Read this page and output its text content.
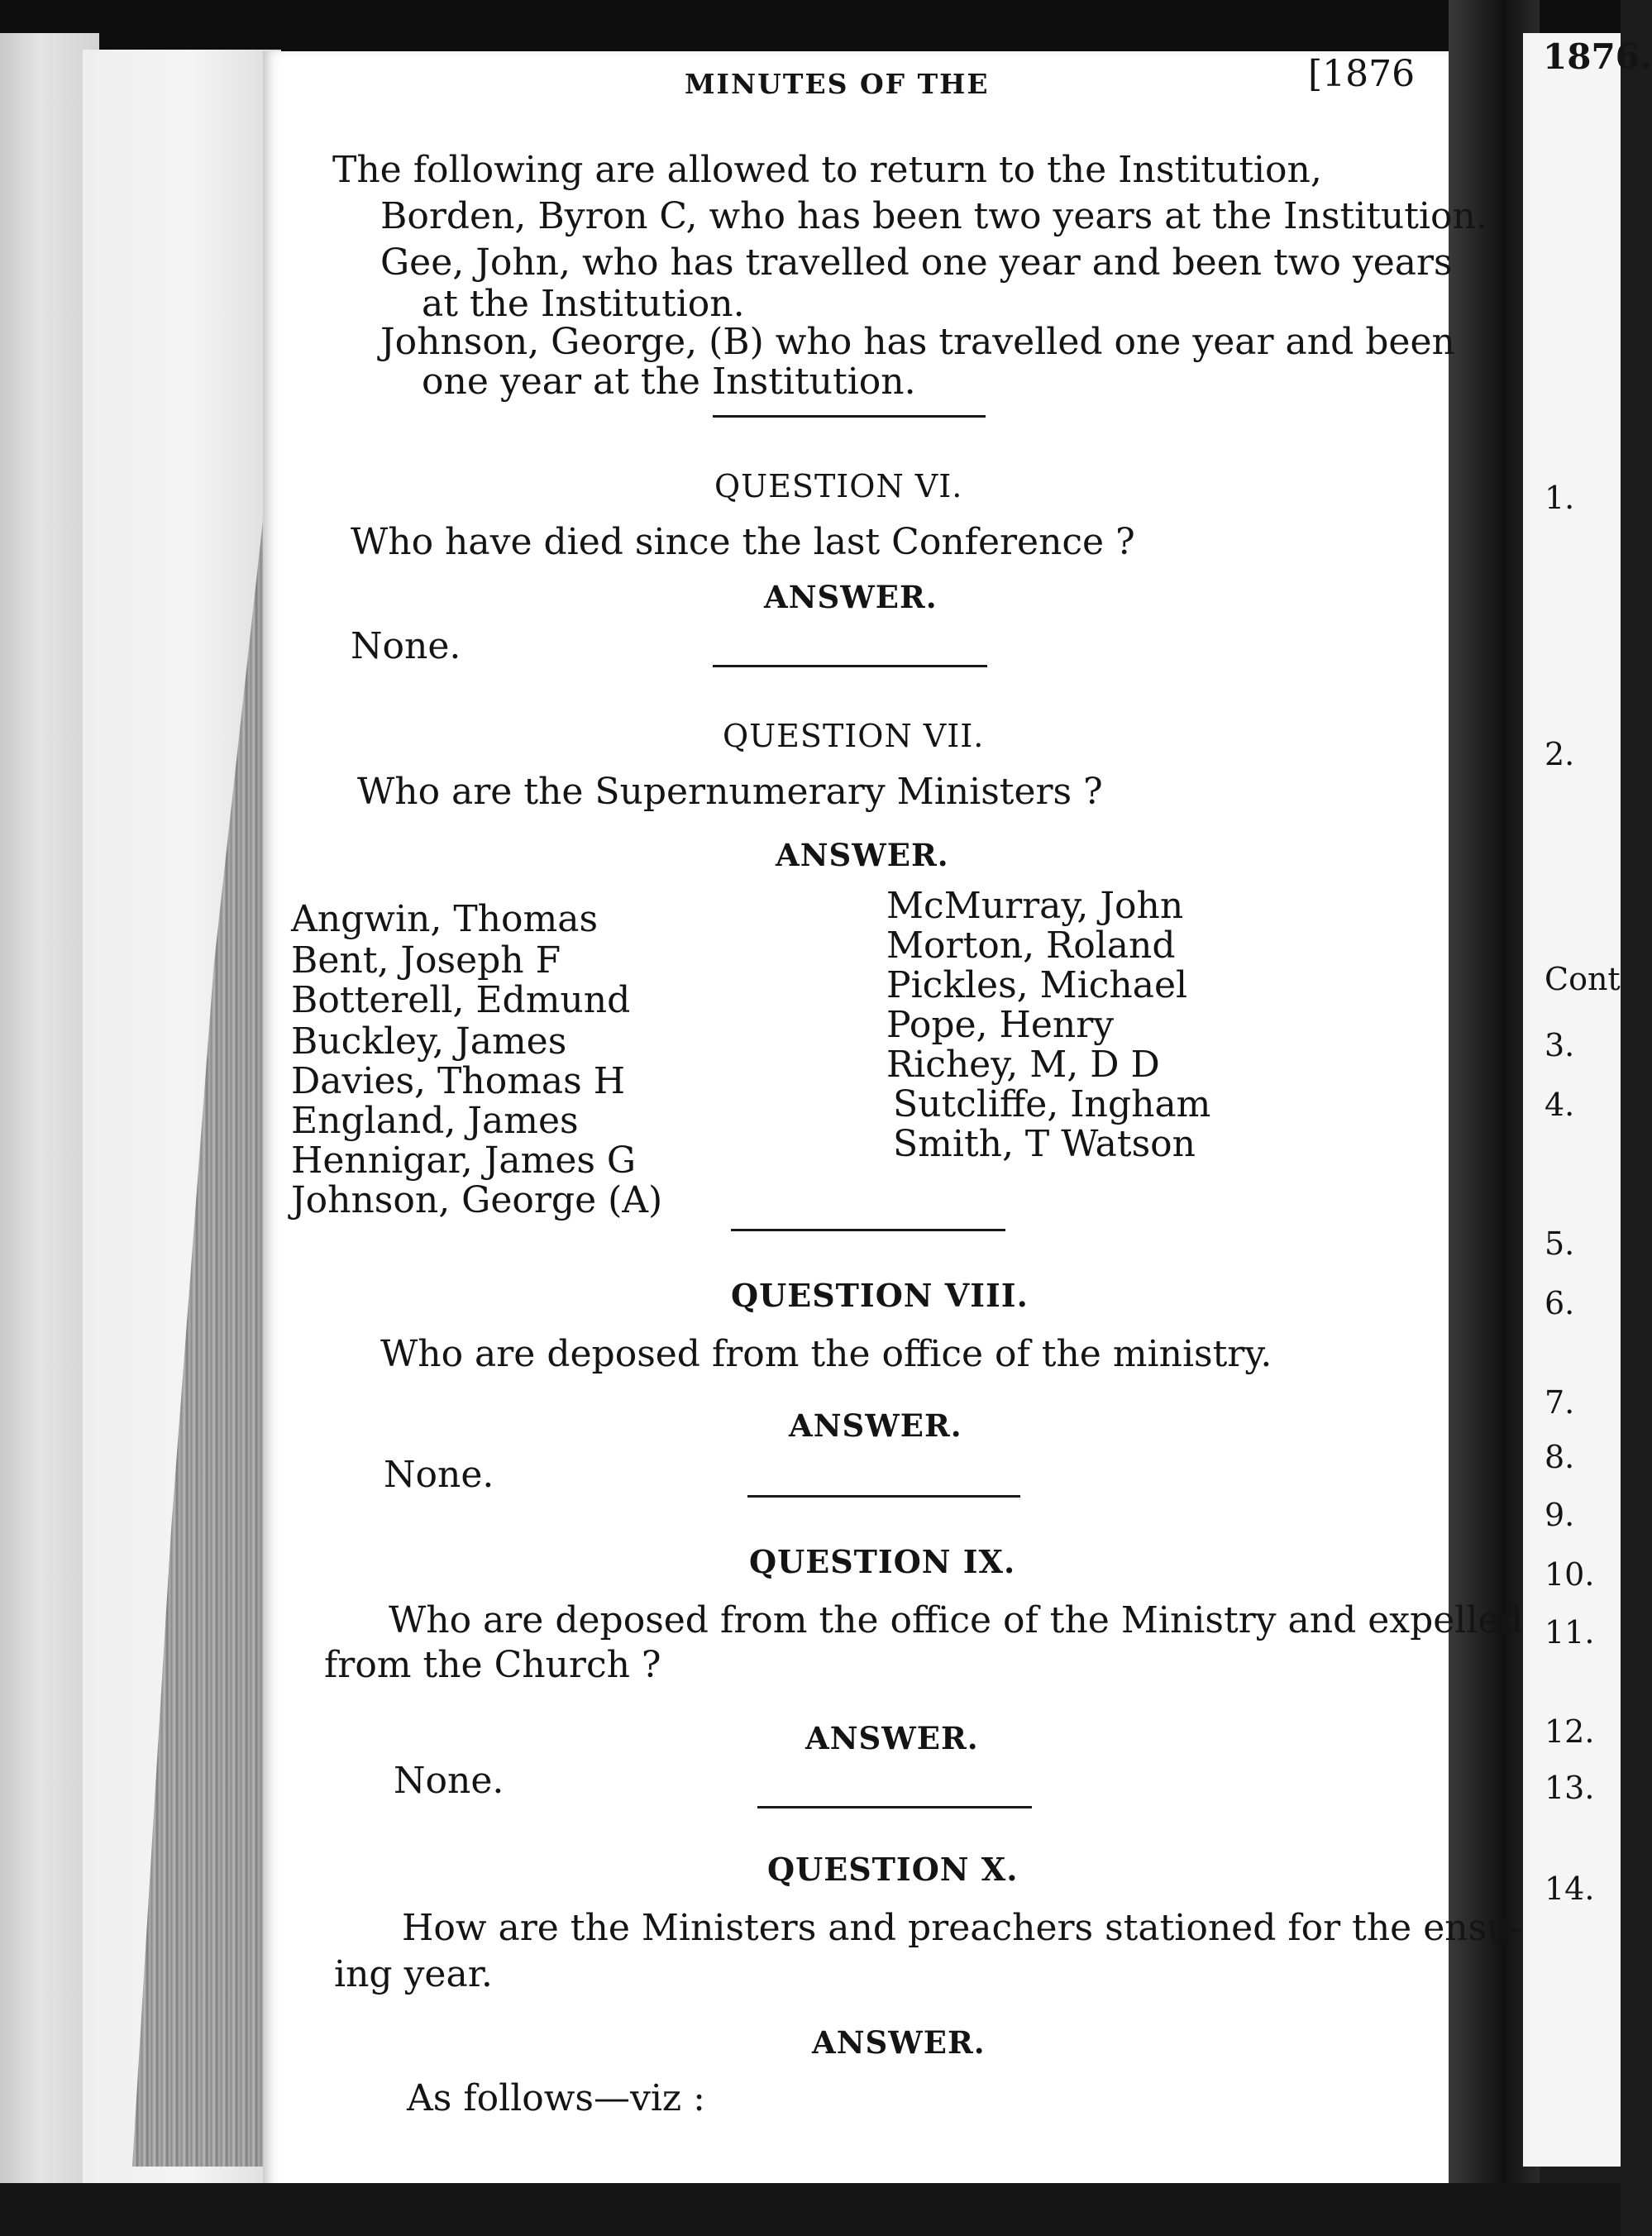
MINUTES OF THE	[1876	1876.
Cont
1.
2.
3.
4.
5.
6.
7.
8.
9.
10.
11.
12.
13.
14.
The following are allowed to return to the Institution,
Borden, Byron C, who has been two years at the Institution.
Gee, John, who has travelled one year and been two years
at the Institution.
Johnson, George, (B) who has travelled one year and been
one year at the Institution.
QUESTION VI.
Who have died since the last Conference ?
ANSWER.
None.
QUESTION VII.
Who are the Supernumerary Ministers ?
ANSWER.
Angwin, Thomas
Bent, Joseph F
Botterell, Edmund
Buckley, James
Davies, Thomas H
England, James
Hennigar, James G
Johnson, George (A)
McMurray, John
Morton, Roland
Pickles, Michael
Pope, Henry
Richey, M, D D
Sutcliffe, Ingham
Smith, T Watson
QUESTION VIII.
Who are deposed from the office of the ministry.
ANSWER.
None.
QUESTION IX.
Who are deposed from the office of the Ministry and expelled
from the Church ?
ANSWER.
None.
QUESTION X.
How are the Ministers and preachers stationed for the ensu-
ing year.
ANSWER.
As follows—viz :
